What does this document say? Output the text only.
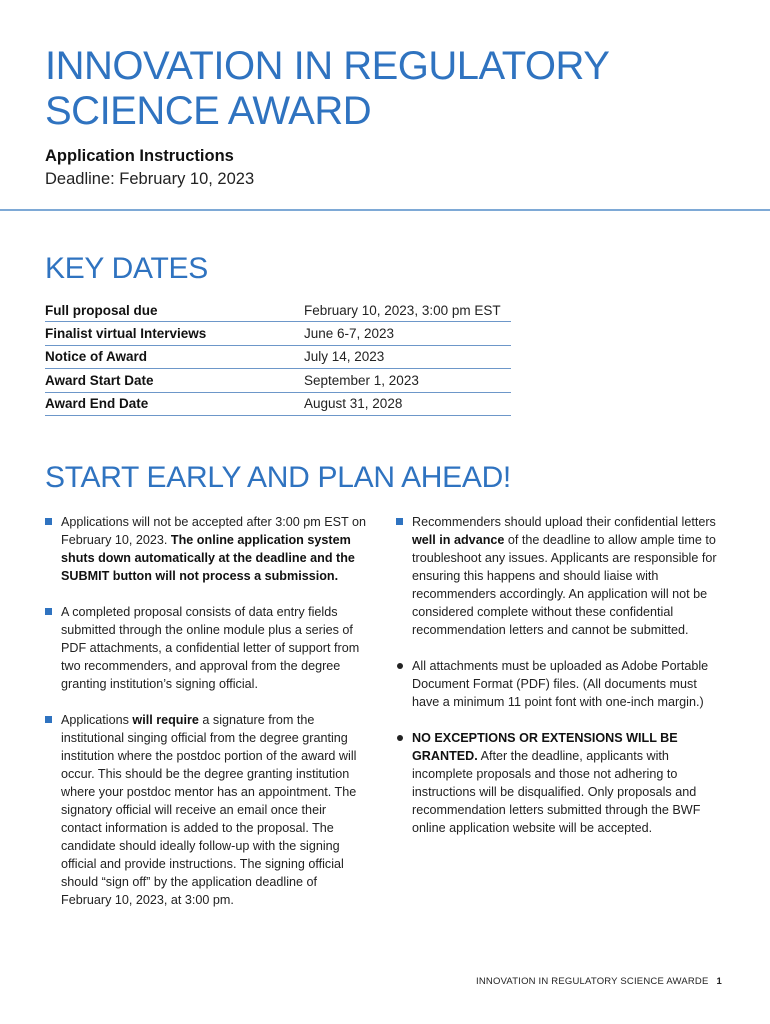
INNOVATION IN REGULATORY SCIENCE AWARD
Application Instructions
Deadline: February 10, 2023
KEY DATES
Full proposal due	February 10, 2023, 3:00 pm EST
Finalist virtual Interviews	June 6-7, 2023
Notice of Award	July 14, 2023
Award Start Date	September 1, 2023
Award End Date	August 31, 2028
START EARLY AND PLAN AHEAD!
Applications will not be accepted after 3:00 pm EST on February 10, 2023. The online application system shuts down automatically at the deadline and the SUBMIT button will not process a submission.
A completed proposal consists of data entry fields submitted through the online module plus a series of PDF attachments, a confidential letter of support from two recommenders, and approval from the degree granting institution’s signing official.
Applications will require a signature from the institutional singing official from the degree granting institution where the postdoc portion of the award will occur. This should be the degree granting institution where your postdoc mentor has an appointment. The signatory official will receive an email once their contact information is added to the proposal. The candidate should ideally follow-up with the signing official and provide instructions. The signing official should “sign off” by the application deadline of February 10, 2023, at 3:00 pm.
Recommenders should upload their confidential letters well in advance of the deadline to allow ample time to troubleshoot any issues. Applicants are responsible for ensuring this happens and should liaise with recommenders accordingly. An application will not be considered complete without these confidential recommendation letters and cannot be submitted.
All attachments must be uploaded as Adobe Portable Document Format (PDF) files. (All documents must have a minimum 11 point font with one-inch margin.)
NO EXCEPTIONS OR EXTENSIONS WILL BE GRANTED. After the deadline, applicants with incomplete proposals and those not adhering to instructions will be disqualified. Only proposals and recommendation letters submitted through the BWF online application website will be accepted.
INNOVATION IN REGULATORY SCIENCE AWARDE 1
